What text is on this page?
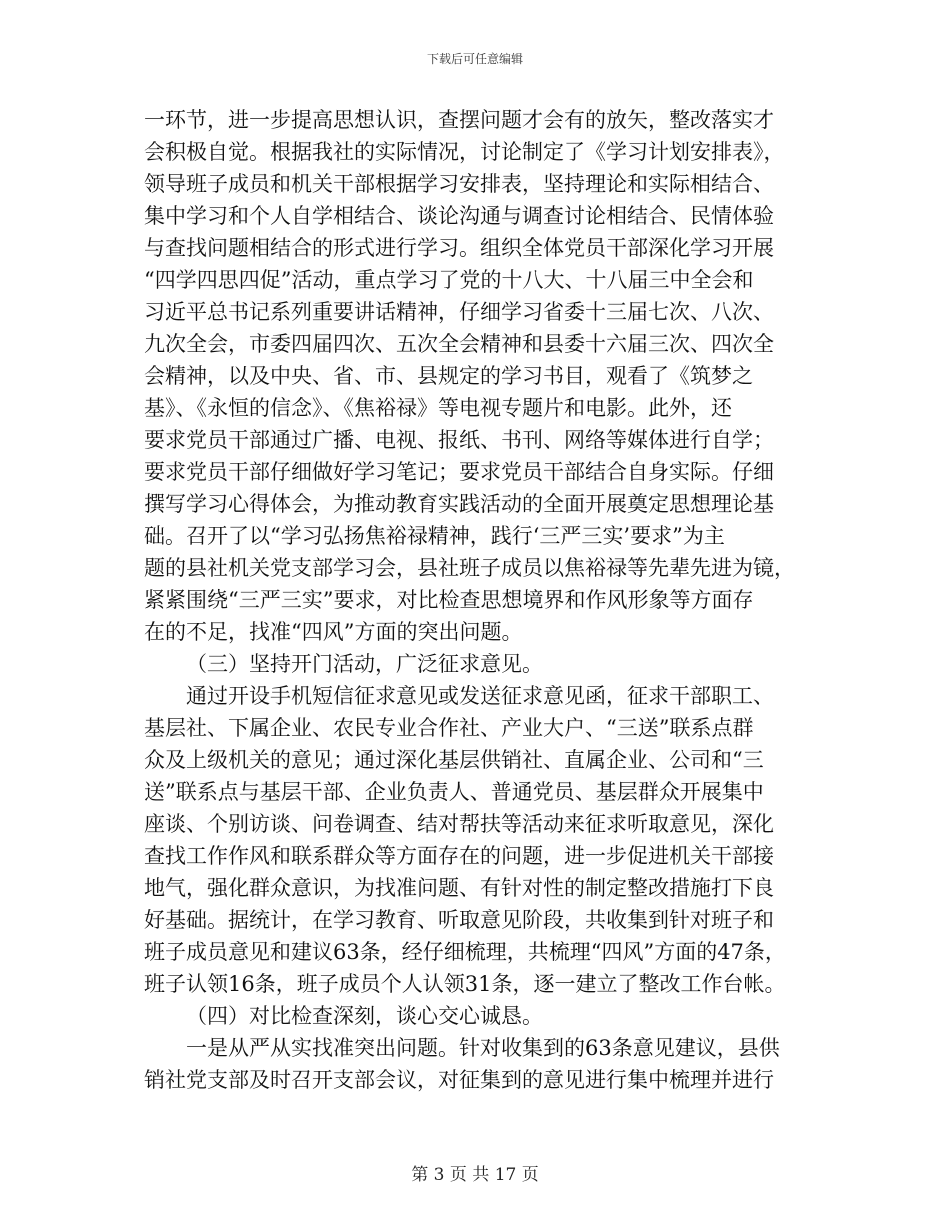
下载后可任意编辑
一环节，进一步提高思想认识，查摆问题才会有的放矢，整改落实才
会积极自觉。根据我社的实际情况，讨论制定了《学习计划安排表》，
领导班子成员和机关干部根据学习安排表，坚持理论和实际相结合、
集中学习和个人自学相结合、谈论沟通与调查讨论相结合、民情体验
与查找问题相结合的形式进行学习。组织全体党员干部深化学习开展
“四学四思四促”活动，重点学习了党的十八大、十八届三中全会和
习近平总书记系列重要讲话精神，仔细学习省委十三届七次、八次、
九次全会，市委四届四次、五次全会精神和县委十六届三次、四次全
会精神，以及中央、省、市、县规定的学习书目，观看了《筑梦之
基》、《永恒的信念》、《焦裕禄》等电视专题片和电影。此外，还
要求党员干部通过广播、电视、报纸、书刊、网络等媒体进行自学；
要求党员干部仔细做好学习笔记；要求党员干部结合自身实际。仔细
撰写学习心得体会，为推动教育实践活动的全面开展奠定思想理论基
础。召开了以“学习弘扬焦裕禄精神，践行‘三严三实’要求”为主
题的县社机关党支部学习会，县社班子成员以焦裕禄等先辈先进为镜，
紧紧围绕“三严三实”要求，对比检查思想境界和作风形象等方面存
在的不足，找准“四风”方面的突出问题。
（三）坚持开门活动，广泛征求意见。
通过开设手机短信征求意见或发送征求意见函，征求干部职工、
基层社、下属企业、农民专业合作社、产业大户、“三送”联系点群
众及上级机关的意见；通过深化基层供销社、直属企业、公司和“三
送”联系点与基层干部、企业负责人、普通党员、基层群众开展集中
座谈、个别访谈、问卷调查、结对帮扶等活动来征求听取意见，深化
查找工作作风和联系群众等方面存在的问题，进一步促进机关干部接
地气，强化群众意识，为找准问题、有针对性的制定整改措施打下良
好基础。据统计，在学习教育、听取意见阶段，共收集到针对班子和
班子成员意见和建议63条，经仔细梳理，共梳理“四风”方面的47条，
班子认领16条，班子成员个人认领31条，逐一建立了整改工作台帐。
（四）对比检查深刻，谈心交心诚恳。
一是从严从实找准突出问题。针对收集到的63条意见建议，县供
销社党支部及时召开支部会议，对征集到的意见进行集中梳理并进行
第 3 页 共 17 页
